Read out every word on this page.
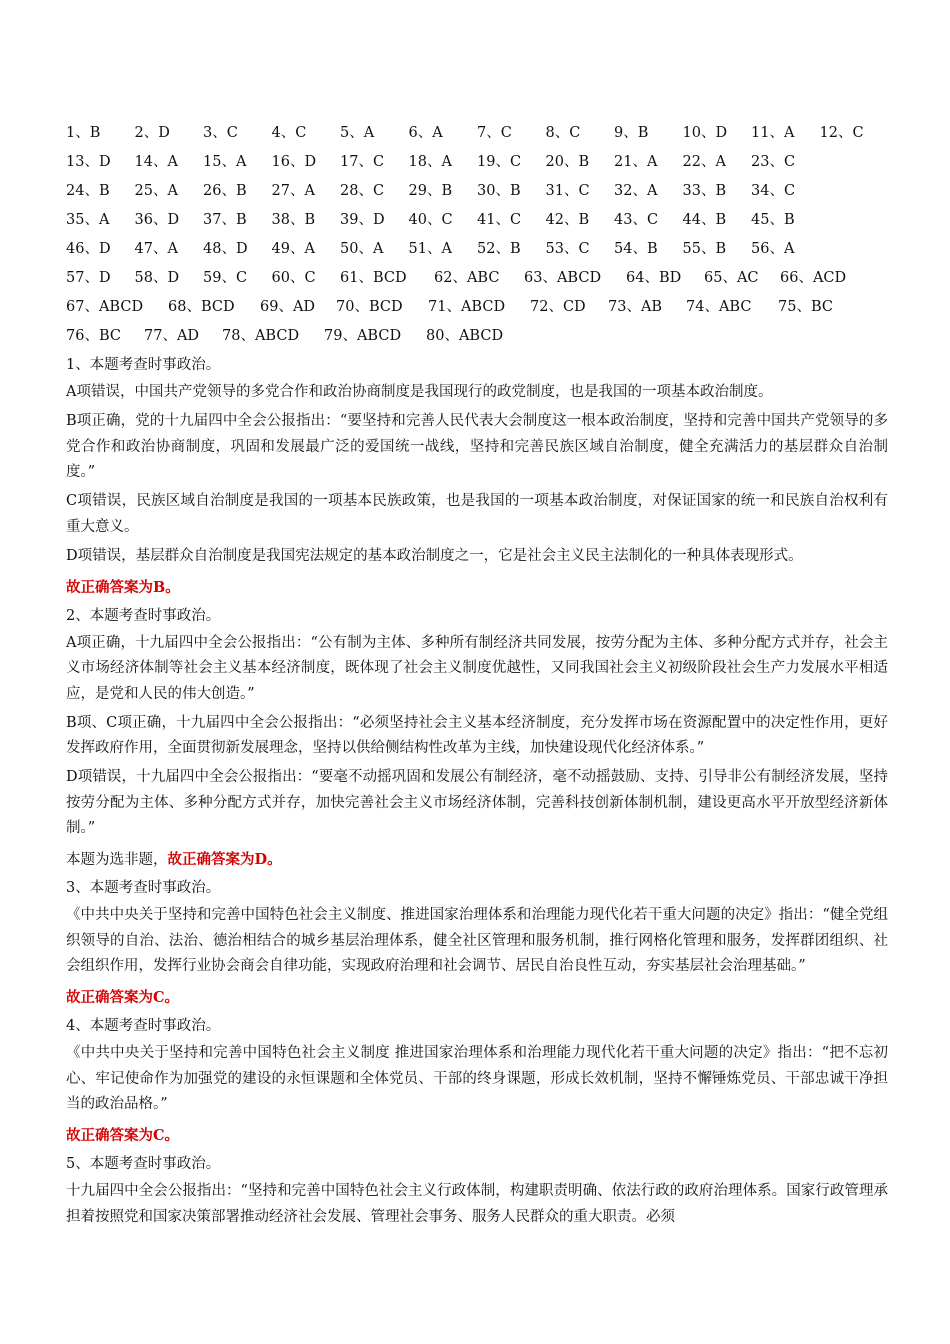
1、B	2、D	3、C	4、C	5、A	6、A	7、C	8、C	9、B	10、D	11、A	12、C
13、D	14、A	15、A	16、D	17、C	18、A	19、C	20、B	21、A	22、A	23、C
24、B	25、A	26、B	27、A	28、C	29、B	30、B	31、C	32、A	33、B	34、C
35、A	36、D	37、B	38、B	39、D	40、C	41、C	42、B	43、C	44、B	45、B
46、D	47、A	48、D	49、A	50、A	51、A	52、B	53、C	54、B	55、B	56、A
57、D	58、D	59、C	60、C	61、BCD	62、ABC	63、ABCD	64、BD	65、AC	66、ACD
67、ABCD	68、BCD	69、AD	70、BCD	71、ABCD	72、CD	73、AB	74、ABC	75、BC
76、BC	77、AD	78、ABCD	79、ABCD	80、ABCD
1、本题考查时事政治。

A项错误，中国共产党领导的多党合作和政治协商制度是我国现行的政党制度，也是我国的一项基本政治制度。

B项正确，党的十九届四中全会公报指出：“要坚持和完善人民代表大会制度这一根本政治制度，坚持和完善中国共产党领导的多党合作和政治协商制度，巩固和发展最广泛的爱国统一战线，坚持和完善民族区域自治制度，健全充满活力的基层群众自治制度。”

C项错误，民族区域自治制度是我国的一项基本民族政策，也是我国的一项基本政治制度，对保证国家的统一和民族自治权利有重大意义。

D项错误，基层群众自治制度是我国宪法规定的基本政治制度之一，它是社会主义民主法制化的一种具体表现形式。

故正确答案为B。
2、本题考查时事政治。

A项正确，十九届四中全会公报指出：“公有制为主体、多种所有制经济共同发展，按劳分配为主体、多种分配方式并存，社会主义市场经济体制等社会主义基本经济制度，既体现了社会主义制度优越性，又同我国社会主义初级阶段社会生产力发展水平相适应，是党和人民的伟大创造。”

B项、C项正确，十九届四中全会公报指出：“必须坚持社会主义基本经济制度，充分发挥市场在资源配置中的决定性作用，更好发挥政府作用，全面贯彻新发展理念，坚持以供给侧结构性改革为主线，加快建设现代化经济体系。”

D项错误，十九届四中全会公报指出：“要毫不动摇巩固和发展公有制经济，毫不动摇鼓励、支持、引导非公有制经济发展，坚持按劳分配为主体、多种分配方式并存，加快完善社会主义市场经济体制，完善科技创新体制机制，建设更高水平开放型经济新体制。”

本题为选非题，故正确答案为D。
3、本题考查时事政治。

《中共中央关于坚持和完善中国特色社会主义制度、推进国家治理体系和治理能力现代化若干重大问题的决定》指出：“健全党组织领导的自治、法治、德治相结合的城乡基层治理体系，健全社区管理和服务机制，推行网格化管理和服务，发挥群团组织、社会组织作用，发挥行业协会商会自律功能，实现政府治理和社会调节、居民自治良性互动，夯实基层社会治理基础。”

故正确答案为C。
4、本题考查时事政治。

《中共中央关于坚持和完善中国特色社会主义制度 推进国家治理体系和治理能力现代化若干重大问题的决定》指出：“把不忘初心、牢记使命作为加强党的建设的永恒课题和全体党员、干部的终身课题，形成长效机制，坚持不懈锤炼党员、干部忠诚干净担当的政治品格。”

故正确答案为C。
5、本题考查时事政治。

十九届四中全会公报指出：“坚持和完善中国特色社会主义行政体制，构建职责明确、依法行政的政府治理体系。国家行政管理承担着按照党和国家决策部署推动经济社会发展、管理社会事务、服务人民群众的重大职责。必须
